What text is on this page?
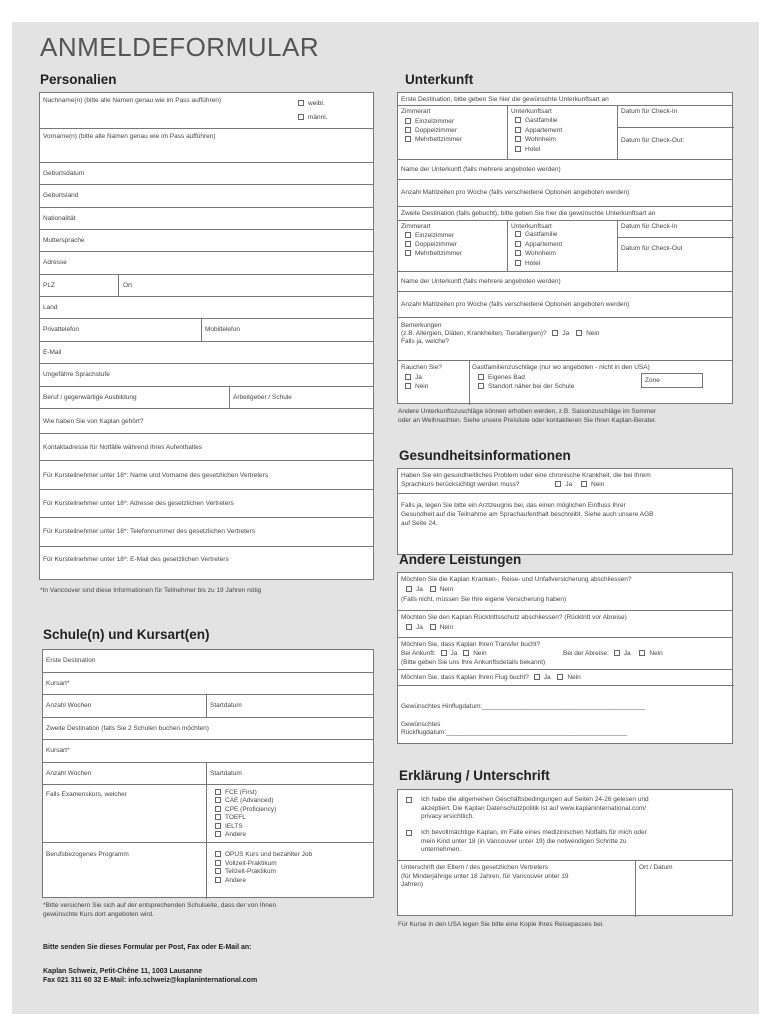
ANMELDEFORMULAR
Personalien
Nachname(n) (bitte alle Namen genau wie im Pass aufführen)	weibl.
männl.
Vorname(n) (bitte alle Namen genau wie im Pass aufführen)
Geburtsdatum
Geburtsland
Nationalität
Muttersprache
Adresse
PLZ	Ort
Land
Privattelefon	Mobiltelefon
E-Mail
Ungefähre Sprachstufe
Beruf / gegenwärtige Ausbildung	Arbeitgeber / Schule
Wie haben Sie von Kaplan gehört?
Kontaktadresse für Notfälle während Ihres Aufenthaltes
Für Kursteilnehmer unter 18*: Name und Vorname des gesetzlichen Vertreters
Für Kursteilnehmer unter 18*: Adresse des gesetzlichen Vertreters
Für Kursteilnehmer unter 18*: Telefonnummer des gesetzlichen Vertreters
Für Kursteilnehmer unter 18*: E-Mail des gesetzlichen Vertreters
*In Vancouver sind diese Informationen für Teilnehmer bis zu 19 Jahren nötig
Schule(n) und Kursart(en)
Erste Destination
Kursart*
Anzahl Wochen	Startdatum
Zweite Destination (falls Sie 2 Schulen buchen möchten)
Kursart*
Anzahl Wochen	Startdatum
Falls Examenskurs, welcher	FCE (First)
CAE (Advanced)
CPE (Proficiency)
TOEFL
IELTS
Andere
Berufsbezogenes Programm	OPUS Kurs und bezahlter Job
Vollzeit-Praktikum
Teilzeit-Praktikum
Andere
*Bitte versichern Sie sich auf der entsprechenden Schulseite, dass der von Ihnen
gewünschte Kurs dort angeboten wird.
Bitte senden Sie dieses Formular per Post, Fax oder E-Mail an:
Kaplan Schweiz, Petit-Chêne 11, 1003 Lausanne
Fax 021 311 60 32 E-Mail: info.schweiz@kaplaninternational.com
Unterkunft
Erste Destination, bitte geben Sie hier die gewünschte Unterkunftsart an
Zimmerart
Einzelzimmer
Doppelzimmer
Mehrbettzimmer
Unterkunftsart
Gastfamilie
Appartement
Wohnheim
Hotel
Datum für Check-In
Datum für Check-Out:
Name der Unterkunft (falls mehrere angeboten werden)
Anzahl Mahlzeiten pro Woche (falls verschiedene Optionen angeboten werden)
Zweite Destination (falls gebucht), bitte geben Sie hier die gewünschte Unterkunftsart an
Zimmerart
Einzelzimmer
Doppelzimmer
Mehrbettzimmer
Unterkunftsart
Gastfamilie
Appartement
Wohnheim
Hotel
Datum für Check-In
Datum für Check-Out
Name der Unterkunft (falls mehrere angeboten werden)
Anzahl Mahlzeiten pro Woche (falls verschiedene Optionen angeboten werden)
Bemerkungen
(z.B. Allergien, Diäten, Krankheiten, Tierallergien)? Ja	Nein
Falls ja, welche?
Rauchen Sie?
Ja
Nein
Gastfamilienzuschläge (nur wo angeboten - nicht in den USA)
Eigenes Bad
Standort näher bei der Schule
Zone
Andere Unterkunftszuschläge können erhoben werden, z.B. Saisonzuschläge im Sommer
oder an Weihnachten. Siehe unsere Preisliste oder kontaktieren Sie Ihren Kaplan-Berater.
Gesundheitsinformationen
Haben Sie ein gesundheitliches Problem oder eine chronische Krankheit, die bei Ihrem
Sprachkurs berücksichtigt werden muss?	Ja	Nein
Falls ja, legen Sie bitte ein Arztzeugnis bei, das einen möglichen Einfluss Ihrer
Gesundheit auf die Teilnahme am Sprachaufenthalt beschreibt. Siehe auch unsere AGB
auf Seite 24.
Andere Leistungen
Möchten Sie die Kaplan Kranken-, Reise- und Unfallversicherung abschliessen?
Ja	Nein
(Falls nicht, müssen Sie Ihre eigene Versicherung haben)
Möchten Sie den Kaplan Rücktrittsschutz abschliessen? (Rücktritt vor Abreise)
Ja	Nein
Möchten Sie, dass Kaplan Ihren Transfer bucht?
Bei Ankunft: Ja Nein	Bei der Abreise: Ja	Nein
(Bitte geben Sie uns Ihre Ankunftsdetails bekannt)
Möchten Sie, dass Kaplan Ihren Flug bucht? Ja	Nein
Gewünschtes Hinflugdatum:_____________________________________________
Gewünschtes
Rückflugdatum:__________________________________________________
Erklärung / Unterschrift
Ich habe die allgemeinen Geschäftsbedingungen auf Seiten 24-26 gelesen und
akzeptiert. Die Kaplan Datenschutzpolitik ist auf www.kaplaninternational.com/
privacy ersichtlich.
Ich bevollmächtige Kaplan, im Falle eines medizinischen Notfalls für mich oder
mein Kind unter 18 (in Vancouver unter 19) die notwendigen Schritte zu
unternehmen.
Unterschrift der Eltern / des gesetzlichen Vertreters
(für Minderjährige unter 18 Jahren, für Vancouver unter 19
Jahren)
Ort / Datum
Für Kurse in den USA legen Sie bitte eine Kopie Ihres Reisepasses bei.
